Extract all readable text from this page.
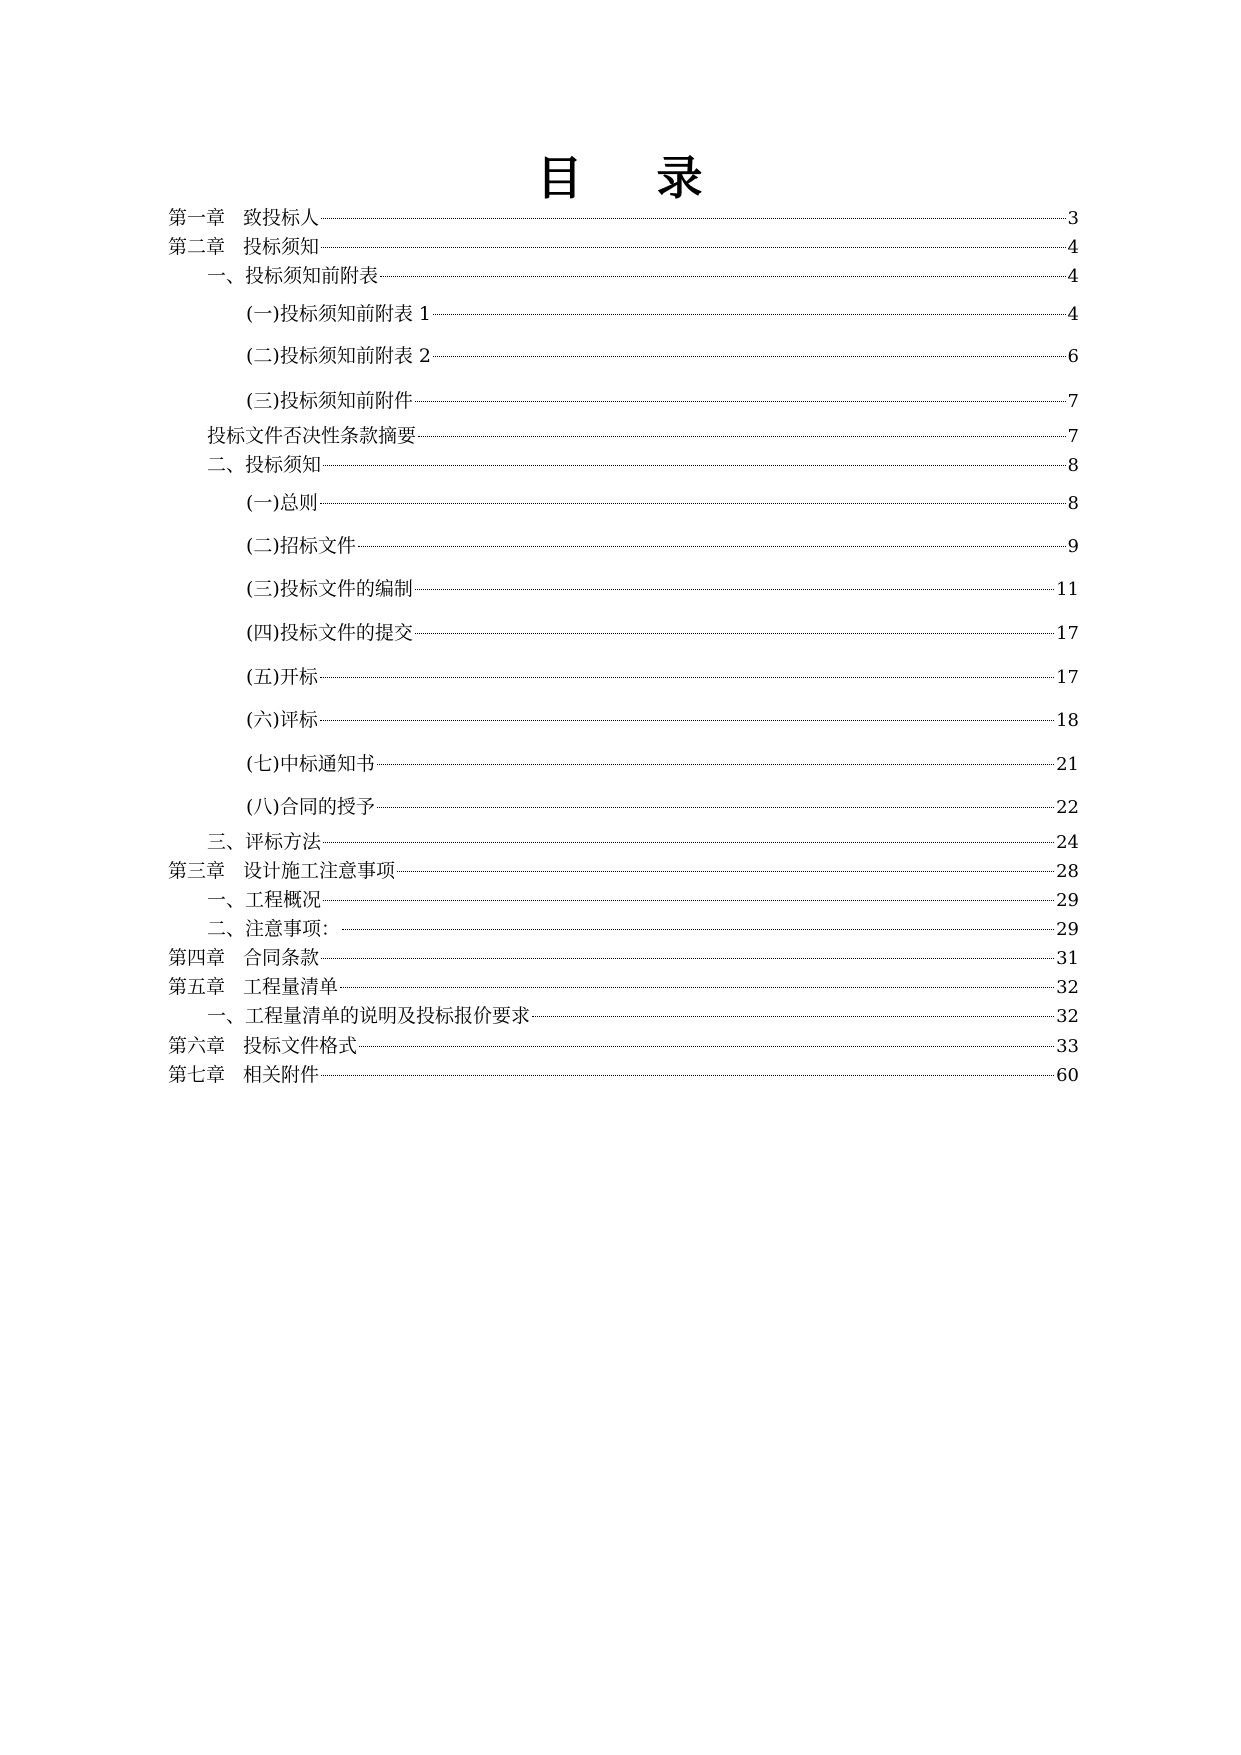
目 录
第一章 致投标人	3
第二章 投标须知	4
一、投标须知前附表	4
(一)投标须知前附表 1	4
(二)投标须知前附表 2	6
(三)投标须知前附件	7
投标文件否决性条款摘要	7
二、投标须知	8
(一)总则	8
(二)招标文件	9
(三)投标文件的编制	11
(四)投标文件的提交	17
(五)开标	17
(六)评标	18
(七)中标通知书	21
(八)合同的授予	22
三、评标方法	24
第三章 设计施工注意事项	28
一、工程概况	29
二、注意事项：	29
第四章 合同条款	31
第五章 工程量清单	32
一、工程量清单的说明及投标报价要求	32
第六章 投标文件格式	33
第七章 相关附件	60
